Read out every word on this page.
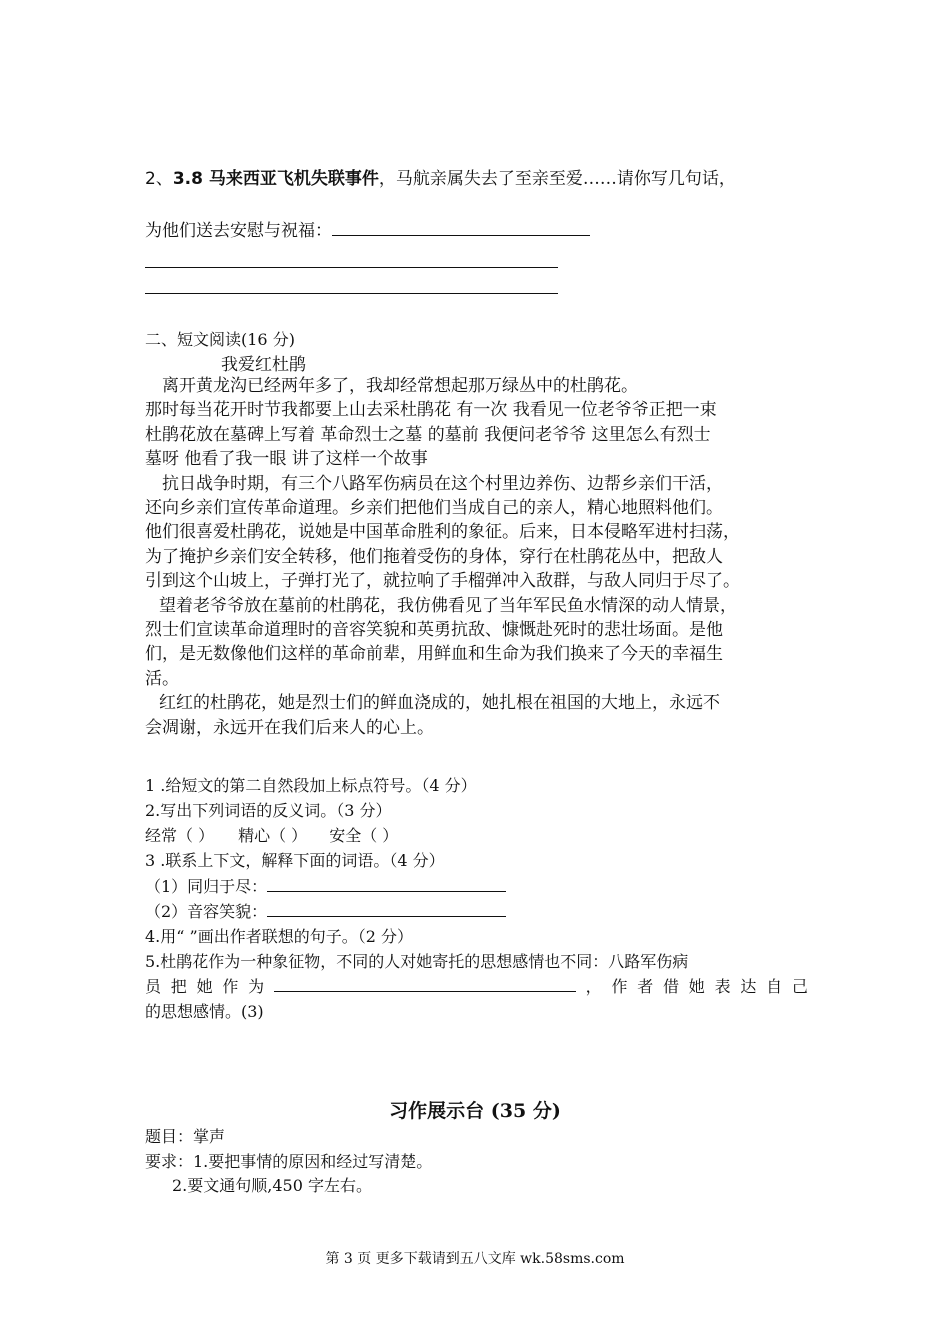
2、3.8 马来西亚飞机失联事件，马航亲属失去了至亲至爱……请你写几句话，
为他们送去安慰与祝福：
二、短文阅读(16 分)
我爱红杜鹃
离开黄龙沟已经两年多了，我却经常想起那万绿丛中的杜鹃花。
那时每当花开时节我都要上山去采杜鹃花 有一次 我看见一位老爷爷正把一束
杜鹃花放在墓碑上写着 革命烈士之墓 的墓前 我便问老爷爷 这里怎么有烈士
墓呀 他看了我一眼 讲了这样一个故事
抗日战争时期，有三个八路军伤病员在这个村里边养伤、边帮乡亲们干活，
还向乡亲们宣传革命道理。乡亲们把他们当成自己的亲人，精心地照料他们。
他们很喜爱杜鹃花，说她是中国革命胜利的象征。后来，日本侵略军进村扫荡，
为了掩护乡亲们安全转移，他们拖着受伤的身体，穿行在杜鹃花丛中，把敌人
引到这个山坡上，子弹打光了，就拉响了手榴弹冲入敌群，与敌人同归于尽了。
望着老爷爷放在墓前的杜鹃花，我仿佛看见了当年军民鱼水情深的动人情景，
烈士们宣读革命道理时的音容笑貌和英勇抗敌、慷慨赴死时的悲壮场面。是他
们，是无数像他们这样的革命前辈，用鲜血和生命为我们换来了今天的幸福生
活。
红红的杜鹃花，她是烈士们的鲜血浇成的，她扎根在祖国的大地上，永远不
会凋谢，永远开在我们后来人的心上。
1 .给短文的第二自然段加上标点符号。（4 分）
2.写出下列词语的反义词。（3 分）
经常（ ） 精心（ ） 安全（ ）
3 .联系上下文，解释下面的词语。（4 分）
（1）同归于尽：
（2）音容笑貌：
4.用“ ”画出作者联想的句子。（2 分）
5.杜鹃花作为一种象征物，不同的人对她寄托的思想感情也不同：八路军伤病
员 把 她 作 为	， 作 者 借 她 表 达 自 己
的思想感情。(3)
习作展示台 (35 分)
题目：掌声
要求：1.要把事情的原因和经过写清楚。
2.要文通句顺,450 字左右。
第 3 页 更多下载请到五八文库 wk.58sms.com
